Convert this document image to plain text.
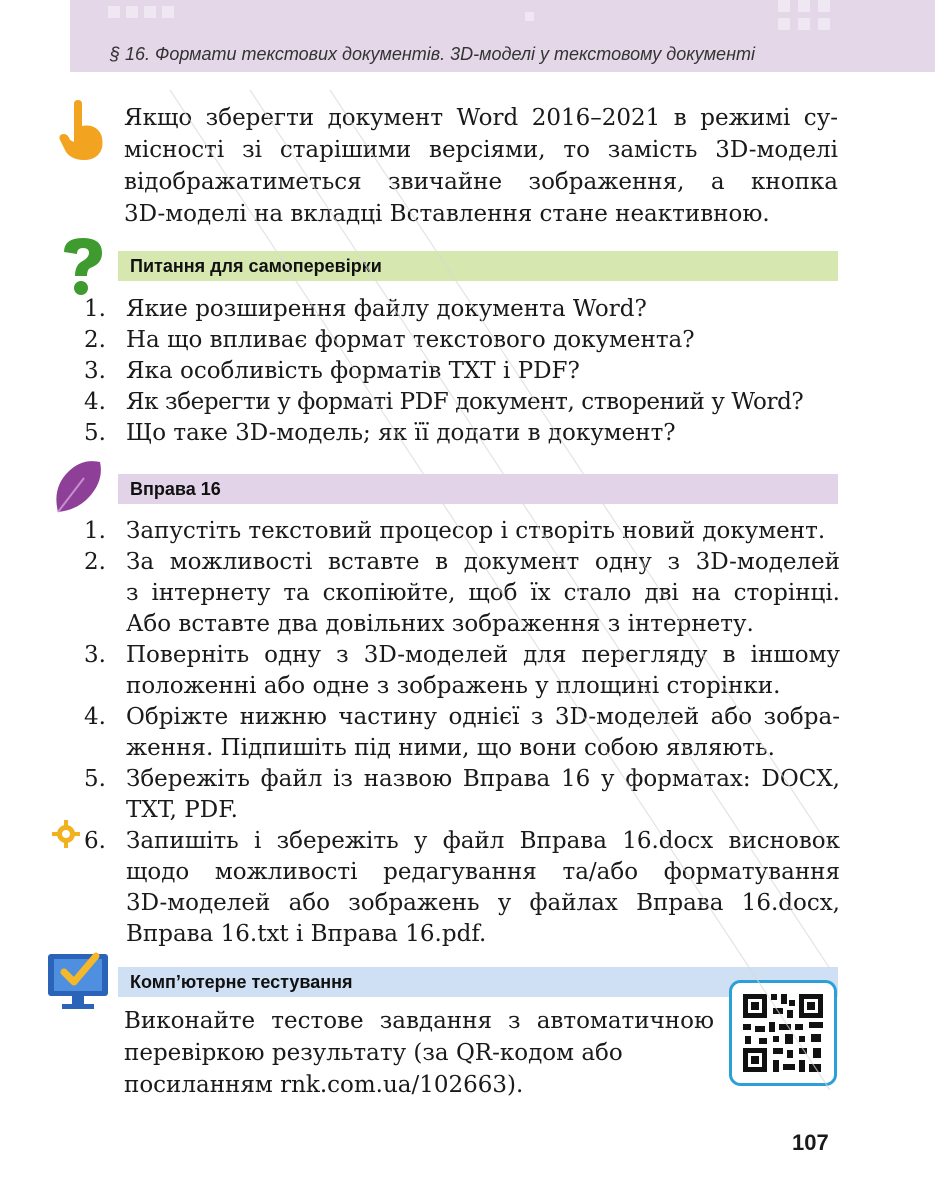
§ 16. Формати текстових документів. 3D-моделі у текстовому документі
Якщо зберегти документ Word 2016–2021 в режимі су-
місності зі старішими версіями, то замість 3D-моделі
відображатиметься звичайне зображення, а кнопка
3D-моделі на вкладці Вставлення стане неактивною.
Питання для самоперевірки
1. Якие розширення файлу документа Word?
2. На що впливає формат текстового документа?
3. Яка особливість форматів TXT і PDF?
4. Як зберегти у форматі PDF документ, створений у Word?
5. Що таке 3D-модель; як її додати в документ?
Вправа 16
1. Запустіть текстовий процесор і створіть новий документ.
2. За можливості вставте в документ одну з 3D-моделей
з інтернету та скопіюйте, щоб їх стало дві на сторінці.
Або вставте два довільних зображення з інтернету.
3. Поверніть одну з 3D-моделей для перегляду в іншому
положенні або одне з зображень у площині сторінки.
4. Обріжте нижню частину однієї з 3D-моделей або зобра-
ження. Підпишіть під ними, що вони собою являють.
5. Збережіть файл із назвою Вправа 16 у форматах: DOCX,
TXT, PDF.
6. Запишіть і збережіть у файл Вправа 16.docx висновок
щодо можливості редагування та/або форматування
3D-моделей або зображень у файлах Вправа 16.docx,
Вправа 16.txt і Вправа 16.pdf.
Комп’ютерне тестування
Виконайте тестове завдання з автоматичною
перевіркою результату (за QR-кодом або
посиланням rnk.com.ua/102663).
107
